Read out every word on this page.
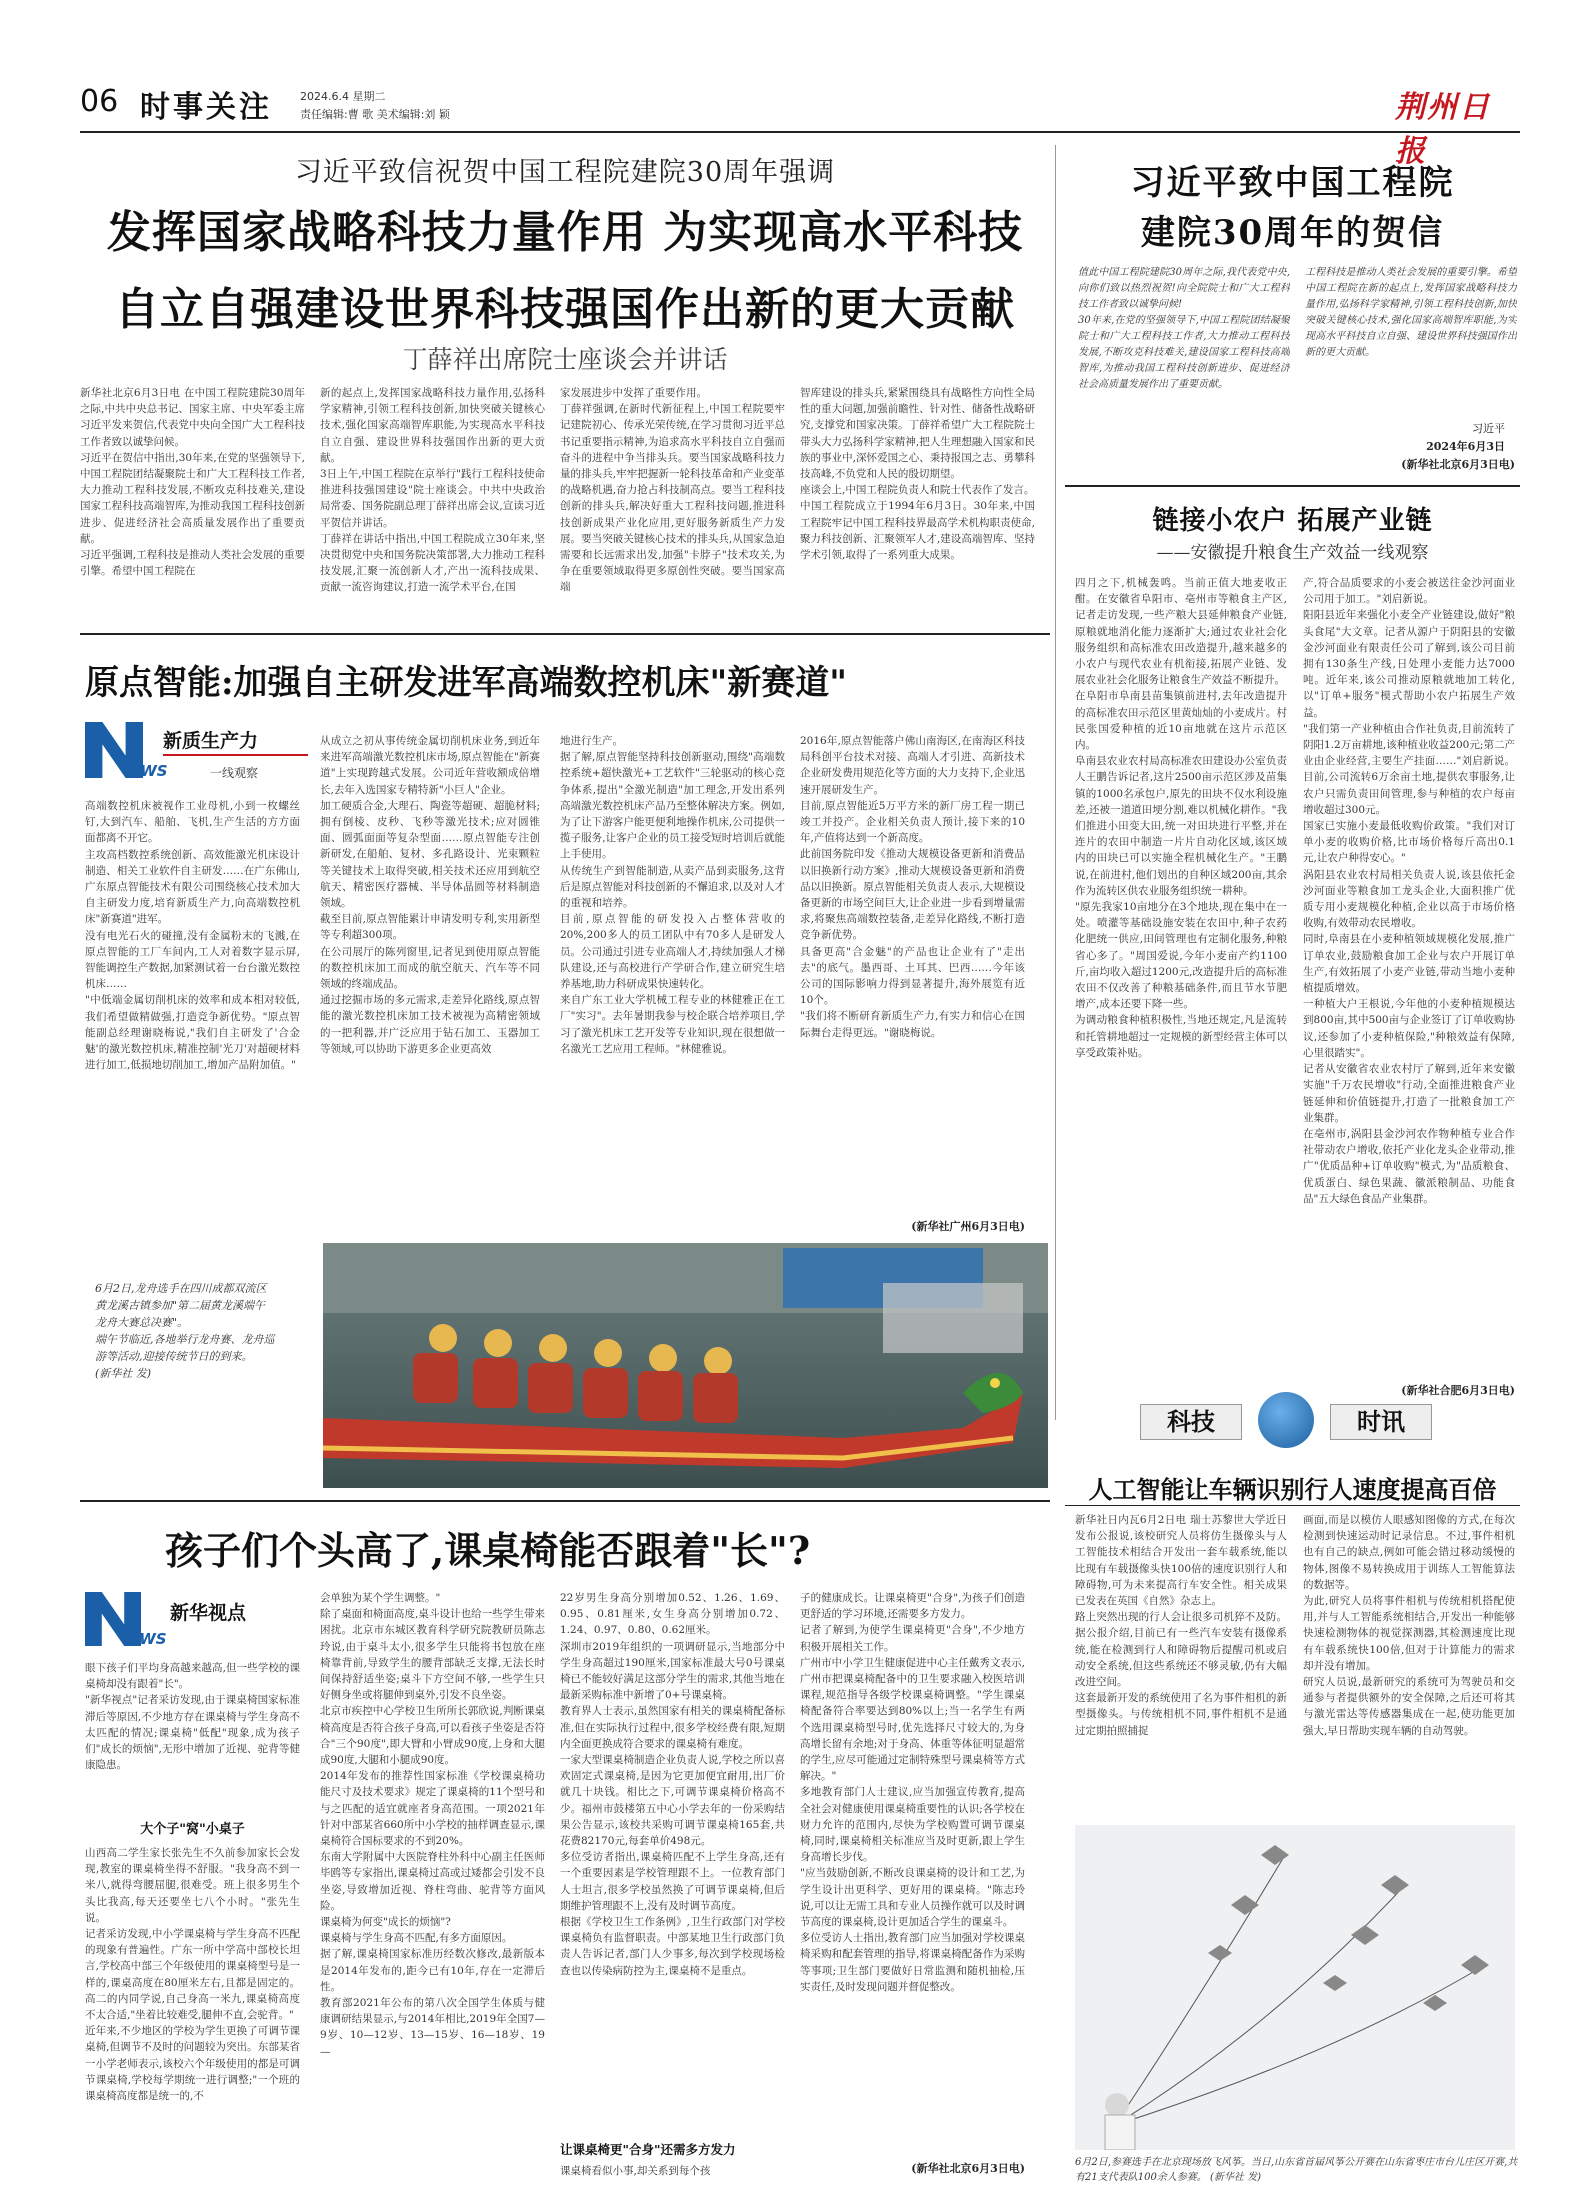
06 时事关注	2024.6.4 星期二
责任编辑:曹 歌 美术编辑:刘 颖	荆州日报
习近平致信祝贺中国工程院建院30周年强调
发挥国家战略科技力量作用 为实现高水平科技
自立自强建设世界科技强国作出新的更大贡献
丁薛祥出席院士座谈会并讲话
新华社北京6月3日电 在中国工程院建院30周年之际,中共中央总书记、国家主席、中央军委主席习近平发来贺信,代表党中央向全国广大工程科技工作者致以诚挚问候。
习近平在贺信中指出,30年来,在党的坚强领导下,中国工程院团结凝聚院士和广大工程科技工作者,大力推动工程科技发展,不断攻克科技难关,建设国家工程科技高端智库,为推动我国工程科技创新进步、促进经济社会高质量发展作出了重要贡献。
习近平强调,工程科技是推动人类社会发展的重要引擎。希望中国工程院在
新的起点上,发挥国家战略科技力量作用,弘扬科学家精神,引领工程科技创新,加快突破关键核心技术,强化国家高端智库职能,为实现高水平科技自立自强、建设世界科技强国作出新的更大贡献。
3日上午,中国工程院在京举行"践行工程科技使命 推进科技强国建设"院士座谈会。中共中央政治局常委、国务院副总理丁薛祥出席会议,宣读习近平贺信并讲话。
丁薛祥在讲话中指出,中国工程院成立30年来,坚决贯彻党中央和国务院决策部署,大力推动工程科技发展,汇聚一流创新人才,产出一流科技成果、贡献一流咨询建议,打造一流学术平台,在国
家发展进步中发挥了重要作用。
丁薛祥强调,在新时代新征程上,中国工程院要牢记建院初心、传承光荣传统,在学习贯彻习近平总书记重要指示精神,为追求高水平科技自立自强而奋斗的进程中争当排头兵。要当国家战略科技力量的排头兵,牢牢把握新一轮科技革命和产业变革的战略机遇,奋力抢占科技制高点。要当工程科技创新的排头兵,解决好重大工程科技问题,推进科技创新成果产业化应用,更好服务新质生产力发展。要当突破关键核心技术的排头兵,从国家急迫需要和长远需求出发,加强"卡脖子"技术攻关,为争在重要领域取得更多原创性突破。要当国家高端
智库建设的排头兵,紧紧围绕具有战略性方向性全局性的重大问题,加强前瞻性、针对性、储备性战略研究,支撑党和国家决策。丁薛祥希望广大工程院院士带头大力弘扬科学家精神,把人生理想融入国家和民族的事业中,深怀爱国之心、秉持报国之志、勇攀科技高峰,不负党和人民的殷切期望。
座谈会上,中国工程院负责人和院士代表作了发言。
中国工程院成立于1994年6月3日。30年来,中国工程院牢记中国工程科技界最高学术机构职责使命,聚力科技创新、汇聚领军人才,建设高端智库、坚持学术引领,取得了一系列重大成果。
习近平致中国工程院
建院30周年的贺信
值此中国工程院建院30周年之际,我代表党中央,向你们致以热烈祝贺!向全院院士和广大工程科技工作者致以诚挚问候!
30年来,在党的坚强领导下,中国工程院团结凝聚院士和广大工程科技工作者,大力推动工程科技发展,不断攻克科技难关,建设国家工程科技高端智库,为推动我国工程科技创新进步、促进经济社会高质量发展作出了重要贡献。
工程科技是推动人类社会发展的重要引擎。希望中国工程院在新的起点上,发挥国家战略科技力量作用,弘扬科学家精神,引领工程科技创新,加快突破关键核心技术,强化国家高端智库职能,为实现高水平科技自立自强、建设世界科技强国作出新的更大贡献。
习近平
2024年6月3日
(新华社北京6月3日电)
原点智能:加强自主研发进军高端数控机床"新赛道"
EWS
新质生产力
一线观察
高端数控机床被视作工业母机,小到一枚螺丝钉,大到汽车、船舶、飞机,生产生活的方方面面都离不开它。
主攻高档数控系统创新、高效能激光机床设计制造、相关工业软件自主研发……在广东佛山,广东原点智能技术有限公司围绕核心技术加大自主研发力度,培育新质生产力,向高端数控机床"新赛道"进军。
没有电光石火的碰撞,没有金属粉末的飞溅,在原点智能的工厂车间内,工人对着数字显示屏,智能调控生产数据,加紧测试着一台台激光数控机床……
"中低端金属切削机床的效率和成本相对较低,我们希望做精做强,打造竞争新优势。"原点智能副总经理谢晓梅说,"我们自主研发了'合金魅'的激光数控机床,精准控制'光刀'对超硬材料进行加工,低损地切削加工,增加产品附加值。"
从成立之初从事传统金属切削机床业务,到近年来进军高端激光数控机床市场,原点智能在"新赛道"上实现跨越式发展。公司近年营收额成倍增长,去年入选国家专精特新"小巨人"企业。
加工硬质合金,大理石、陶瓷等超硬、超脆材料;拥有倒棱、皮秒、飞秒等激光技术;应对圆锥面、圆弧面面等复杂型面……原点智能专注创新研发,在船舶、复材、多孔路设计、光束颗粒等关键技术上取得突破,相关技术还应用到航空航天、精密医疗器械、半导体晶圆等材料制造领域。
截至目前,原点智能累计申请发明专利,实用新型等专利超300项。
在公司展厅的陈列窗里,记者见到使用原点智能的数控机床加工而成的航空航天、汽车等不同领域的终端成品。
通过挖掘市场的多元需求,走差异化路线,原点智能的激光数控机床加工技术被视为高精密领域的一把利器,并广泛应用于钻石加工、玉器加工等领域,可以协助下游更多企业更高效
地进行生产。
据了解,原点智能坚持科技创新驱动,围绕"高端数控系统+超快激光+工艺软件"三轮驱动的核心竞争体系,提出"全激光制造"加工理念,开发出系列高端激光数控机床产品乃至整体解决方案。例如,为了让下游客户能更便利地操作机床,公司提供一揽子服务,让客户企业的员工接受短时培训后就能上手使用。
从传统生产到智能制造,从卖产品到卖服务,这背后是原点智能对科技创新的不懈追求,以及对人才的重视和培养。
目前,原点智能的研发投入占整体营收的20%,200多人的员工团队中有70多人是研发人员。公司通过引进专业高端人才,持续加强人才梯队建设,还与高校进行产学研合作,建立研究生培养基地,助力科研成果快速转化。
来自广东工业大学机械工程专业的林健雅正在工厂"实习"。去年暑期我参与校企联合培养项目,学习了激光机床工艺开发等专业知识,现在很想做一名激光工艺应用工程师。"林健雅说。
2016年,原点智能落户佛山南海区,在南海区科技局科创平台技术对接、高端人才引进、高新技术企业研发费用规范化等方面的大力支持下,企业迅速开展研发生产。
目前,原点智能近5万平方米的新厂房工程一期已竣工并投产。企业相关负责人预计,接下来的10年,产值将达到一个新高度。
此前国务院印发《推动大规模设备更新和消费品以旧换新行动方案》,推动大规模设备更新和消费品以旧换新。原点智能相关负责人表示,大规模设备更新的市场空间巨大,让企业进一步看到增量需求,将聚焦高端数控装备,走差异化路线,不断打造竞争新优势。
具备更高"合金魅"的产品也让企业有了"走出去"的底气。墨西哥、土耳其、巴西……今年该公司的国际影响力得到显著提升,海外展览有近10个。
"我们将不断研育新质生产力,有实力和信心在国际舞台走得更远。"谢晓梅说。
(新华社广州6月3日电)
6月2日,龙舟选手在四川成都双流区黄龙溪古镇参加"第二届黄龙溪端午龙舟大赛总决赛"。
端午节临近,各地举行龙舟赛、龙舟巡游等活动,迎接传统节日的到来。
(新华社 发)
孩子们个头高了,课桌椅能否跟着"长"?
EWS
新华视点
眼下孩子们平均身高越来越高,但一些学校的课桌椅却没有跟着"长"。
"新华视点"记者采访发现,由于课桌椅国家标准滞后等原因,不少地方存在课桌椅与学生身高不太匹配的情况;课桌椅"低配"现象,成为孩子们"成长的烦恼",无形中增加了近视、驼背等健康隐患。
大个子"窝"小桌子
山西高二学生家长张先生不久前参加家长会发现,教室的课桌椅坐得不舒服。"我身高不到一米八,就得弯腰屈腿,很难受。班上很多男生个头比我高,每天还要坐七八个小时。"张先生说。
记者采访发现,中小学课桌椅与学生身高不匹配的现象有普遍性。广东一所中学高中部校长坦言,学校高中部三个年级使用的课桌椅型号是一样的,课桌高度在80厘米左右,且都是固定的。高二的内同学说,自己身高一米九,课桌椅高度不太合适,"坐着比较难受,腿伸不直,会驼背。"
近年来,不少地区的学校为学生更换了可调节课桌椅,但调节不及时的问题较为突出。东部某省一小学老师表示,该校六个年级使用的都是可调节课桌椅,学校每学期统一进行调整;"一个班的课桌椅高度都是统一的,不
会单独为某个学生调整。"
除了桌面和椅面高度,桌斗设计也给一些学生带来困扰。北京市东城区教育科学研究院教研员陈志玲说,由于桌斗太小,很多学生只能将书包放在座椅靠背前,导致学生的腰背部缺乏支撑,无法长时间保持舒适坐姿;桌斗下方空间不够,一些学生只好侧身坐或将腿伸到桌外,引发不良坐姿。
北京市疾控中心学校卫生所所长郭欣说,判断课桌椅高度是否符合孩子身高,可以看孩子坐姿是否符合"三个90度",即大臂和小臂成90度,上身和大腿成90度,大腿和小腿成90度。
2014年发布的推荐性国家标准《学校课桌椅功能尺寸及技术要求》规定了课桌椅的11个型号和与之匹配的适宜就座者身高范围。一项2021年针对中部某省660所中小学校的抽样调查显示,课桌椅符合国标要求的不到20%。
东南大学附属中大医院脊柱外科中心副主任医师毕鸥等专家指出,课桌椅过高或过矮都会引发不良坐姿,导致增加近视、脊柱弯曲、驼背等方面风险。
课桌椅为何变"成长的烦恼"?
课桌椅与学生身高不匹配,有多方面原因。
据了解,课桌椅国家标准历经数次修改,最新版本是2014年发布的,距今已有10年,存在一定滞后性。
教育部2021年公布的第八次全国学生体质与健康调研结果显示,与2014年相比,2019年全国7—9岁、10—12岁、13—15岁、16—18岁、19—
22岁男生身高分别增加0.52、1.26、1.69、0.95、0.81厘米,女生身高分别增加0.72、1.24、0.97、0.80、0.62厘米。
深圳市2019年组织的一项调研显示,当地部分中学生身高超过190厘米,国家标准最大号0号课桌椅已不能较好满足这部分学生的需求,其他当地在最新采购标准中新增了0+号课桌椅。
教育界人士表示,虽然国家有相关的课桌椅配备标准,但在实际执行过程中,很多学校经费有限,短期内全面更换成符合要求的课桌椅有难度。
一家大型课桌椅制造企业负责人说,学校之所以喜欢固定式课桌椅,是因为它更加便宜耐用,出厂价就几十块钱。相比之下,可调节课桌椅价格高不少。福州市鼓楼第五中心小学去年的一份采购结果公告显示,该校共采购可调节课桌椅165套,共花费82170元,每套单价498元。
多位受访者指出,课桌椅匹配不上学生身高,还有一个重要因素是学校管理跟不上。一位教育部门人士坦言,很多学校虽然换了可调节课桌椅,但后期维护管理跟不上,没有及时调节高度。
根据《学校卫生工作条例》,卫生行政部门对学校课桌椅负有监督职责。中部某地卫生行政部门负责人告诉记者,部门人少事多,每次到学校现场检查也以传染病防控为主,课桌椅不是重点。
让课桌椅更"合身"还需多方发力
课桌椅看似小事,却关系到每个孩
子的健康成长。让课桌椅更"合身",为孩子们创造更舒适的学习环境,还需要多方发力。
记者了解到,为使学生课桌椅更"合身",不少地方积极开展相关工作。
广州市中小学卫生健康促进中心主任戴秀文表示,广州市把课桌椅配备中的卫生要求融入校医培训课程,规范指导各级学校课桌椅调整。"学生课桌椅配备符合率要达到80%以上;当一名学生有两个选用课桌椅型号时,优先选择尺寸较大的,为身高增长留有余地;对于身高、体重等体征明显超常的学生,应尽可能通过定制特殊型号课桌椅等方式解决。"
多地教育部门人士建议,应当加强宣传教育,提高全社会对健康使用课桌椅重要性的认识;各学校在财力允许的范围内,尽快为学校购置可调节课桌椅,同时,课桌椅相关标准应当及时更新,跟上学生身高增长步伐。
"应当鼓励创新,不断改良课桌椅的设计和工艺,为学生设计出更科学、更好用的课桌椅。"陈志玲说,可以让无需工具和专业人员操作就可以及时调节高度的课桌椅,设计更加适合学生的课桌斗。
多位受访人士指出,教育部门应当加强对学校课桌椅采购和配套管理的指导,将课桌椅配备作为采购等事项;卫生部门要做好日常监测和随机抽检,压实责任,及时发现问题并督促整改。
(新华社北京6月3日电)
链接小农户 拓展产业链
——安徽提升粮食生产效益一线观察
四月之下,机械轰鸣。当前正值大地麦收正酣。在安徽省阜阳市、亳州市等粮食主产区,记者走访发现,一些产粮大县延伸粮食产业链,原粮就地消化能力逐渐扩大;通过农业社会化服务组织和高标准农田改造提升,越来越多的小农户与现代农业有机衔接,拓展产业链、发展农业社会化服务让粮食生产效益不断提升。
在阜阳市阜南县苗集镇前进村,去年改造提升的高标准农田示范区里黄灿灿的小麦成片。村民张国爱种植的近10亩地就在这片示范区内。
阜南县农业农村局高标准农田建设办公室负责人王鹏告诉记者,这片2500亩示范区涉及苗集镇的1000名承包户,原先的田块不仅水利设施差,还被一道道田埂分割,难以机械化耕作。"我们推进小田变大田,统一对田块进行平整,并在连片的农田中制造一片片自动化区域,该区域内的田块已可以实施全程机械化生产。"王鹏说,在前进村,他们划出的自种区域200亩,其余作为流转区供农业服务组织统一耕种。
"原先我家10亩地分在3个地块,现在集中在一处。喷灌等基础设施安装在农田中,种子农药化肥统一供应,田间管理也有定制化服务,种粮省心多了。"周国爱说,今年小麦亩产约1100斤,亩均收入超过1200元,改造提升后的高标准农田不仅改善了种粮基础条件,而且节水节肥增产,成本还要下降一些。
为调动粮食种植积极性,当地还规定,凡是流转和托管耕地超过一定规模的新型经营主体可以享受政策补贴。
产,符合品质要求的小麦会被送往金沙河面业公司用于加工。"刘启新说。
阳阳县近年来强化小麦全产业链建设,做好"粮头食尾"大文章。记者从源户于阴阳县的安徽金沙河面业有限责任公司了解到,该公司目前拥有130条生产线,日处理小麦能力达7000吨。近年来,该公司推动原粮就地加工转化,以"订单+服务"模式帮助小农户拓展生产效益。
"我们第一产业种植由合作社负责,目前流转了阴阳1.2万亩耕地,该种植业收益200元;第二产业由企业经营,主要生产挂面……"刘启新说。目前,公司流转6万余亩土地,提供农事服务,让农户只需负责田间管理,参与种植的农户每亩增收超过300元。
国家已实施小麦最低收购价政策。"我们对订单小麦的收购价格,比市场价格每斤高出0.1元,让农户种得安心。"
涡阳县农业农村局相关负责人说,该县依托金沙河面业等粮食加工龙头企业,大面积推广优质专用小麦规模化种植,企业以高于市场价格收购,有效带动农民增收。
同时,阜南县在小麦种植领域规模化发展,推广订单农业,鼓励粮食加工企业与农户开展订单生产,有效拓展了小麦产业链,带动当地小麦种植提质增效。
一种植大户王根说,今年他的小麦种植规模达到800亩,其中500亩与企业签订了订单收购协议,还参加了小麦种植保险,"种粮效益有保障,心里很踏实"。
记者从安徽省农业农村厅了解到,近年来安徽实施"千万农民增收"行动,全面推进粮食产业链延伸和价值链提升,打造了一批粮食加工产业集群。
在亳州市,涡阳县金沙河农作物种植专业合作社带动农户增收,依托产业化龙头企业带动,推广"优质品种+订单收购"模式,为"品质粮食、优质蛋白、绿色果蔬、徽派粮制品、功能食品"五大绿色食品产业集群。
(新华社合肥6月3日电)
科技	时讯
人工智能让车辆识别行人速度提高百倍
新华社日内瓦6月2日电 瑞士苏黎世大学近日发布公报说,该校研究人员将仿生摄像头与人工智能技术相结合开发出一套车载系统,能以比现有车载摄像头快100倍的速度识别行人和障碍物,可为未来提高行车安全性。相关成果已发表在英国《自然》杂志上。
路上突然出现的行人会让很多司机猝不及防。据公报介绍,目前已有一些汽车安装有摄像系统,能在检测到行人和障碍物后提醒司机或启动安全系统,但这些系统还不够灵敏,仍有大幅改进空间。
这套最新开发的系统使用了名为事件相机的新型摄像头。与传统相机不同,事件相机不是通过定期拍照捕捉
画面,而是以模仿人眼感知图像的方式,在每次检测到快速运动时记录信息。不过,事件相机也有自己的缺点,例如可能会错过移动缓慢的物体,图像不易转换成用于训练人工智能算法的数据等。
为此,研究人员将事件相机与传统相机搭配使用,并与人工智能系统相结合,开发出一种能够快速检测物体的视觉探测器,其检测速度比现有车载系统快100倍,但对于计算能力的需求却并没有增加。
研究人员说,最新研究的系统可为驾驶员和交通参与者提供额外的安全保障,之后还可将其与激光雷达等传感器集成在一起,使功能更加强大,早日帮助实现车辆的自动驾驶。
6月2日,参赛选手在北京现场放飞风筝。当日,山东省首届风筝公开赛在山东省枣庄市台儿庄区开赛,共有21支代表队100余人参赛。 (新华社 发)
